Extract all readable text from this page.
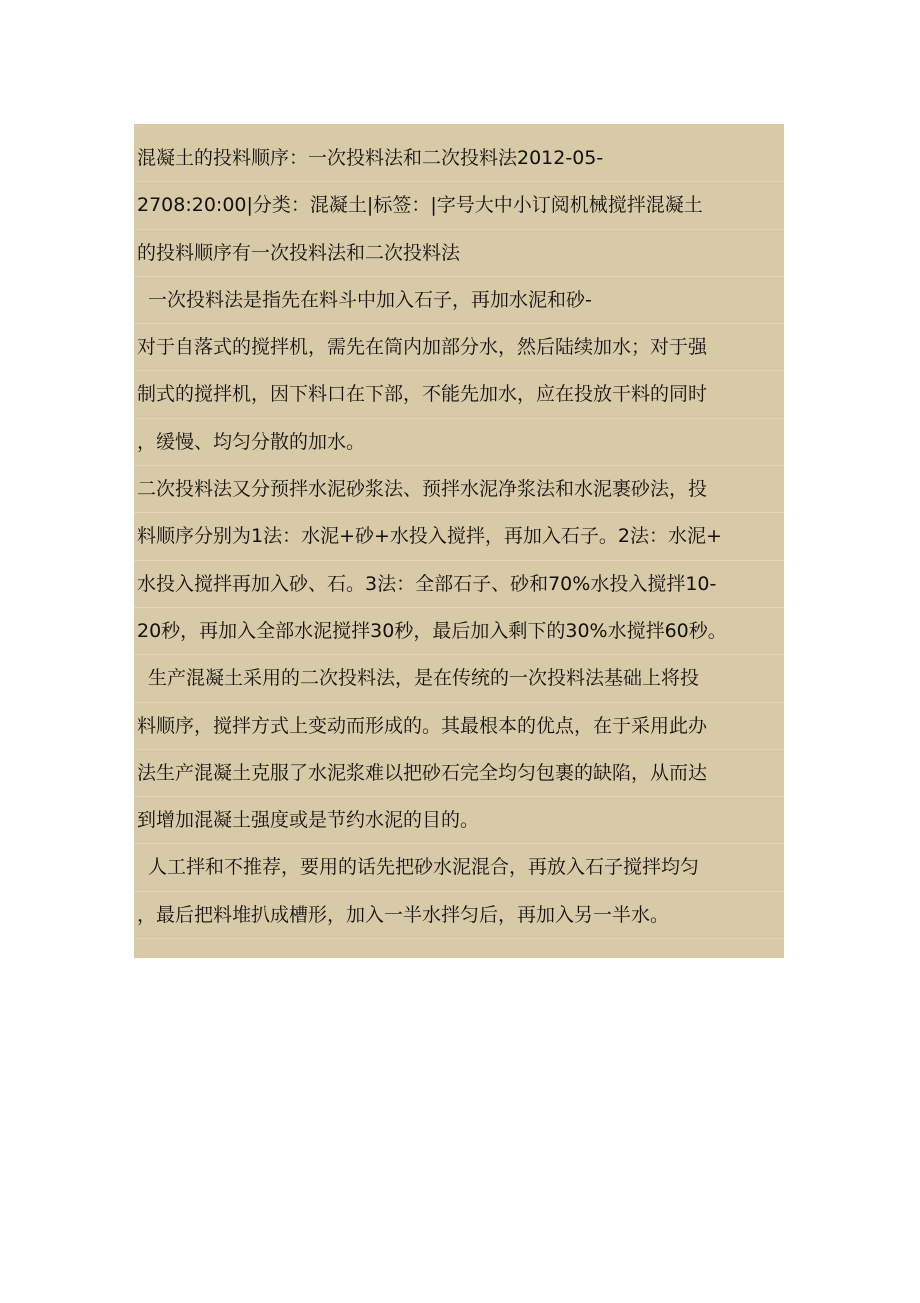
混凝土的投料顺序：一次投料法和二次投料法2012-05-
2708:20:00|分类：混凝土|标签：|字号大中小订阅机械搅拌混凝土
的投料顺序有一次投料法和二次投料法
一次投料法是指先在料斗中加入石子，再加水泥和砂-
对于自落式的搅拌机，需先在筒内加部分水，然后陆续加水；对于强
制式的搅拌机，因下料口在下部，不能先加水，应在投放干料的同时
，缓慢、均匀分散的加水。
二次投料法又分预拌水泥砂浆法、预拌水泥净浆法和水泥裹砂法，投
料顺序分别为1法：水泥+砂+水投入搅拌，再加入石子。2法：水泥+
水投入搅拌再加入砂、石。3法：全部石子、砂和70%水投入搅拌10-
20秒，再加入全部水泥搅拌30秒，最后加入剩下的30%水搅拌60秒。
生产混凝土采用的二次投料法，是在传统的一次投料法基础上将投
料顺序，搅拌方式上变动而形成的。其最根本的优点，在于采用此办
法生产混凝土克服了水泥浆难以把砂石完全均匀包裹的缺陷，从而达
到增加混凝土强度或是节约水泥的目的。
人工拌和不推荐，要用的话先把砂水泥混合，再放入石子搅拌均匀
，最后把料堆扒成槽形，加入一半水拌匀后，再加入另一半水。
